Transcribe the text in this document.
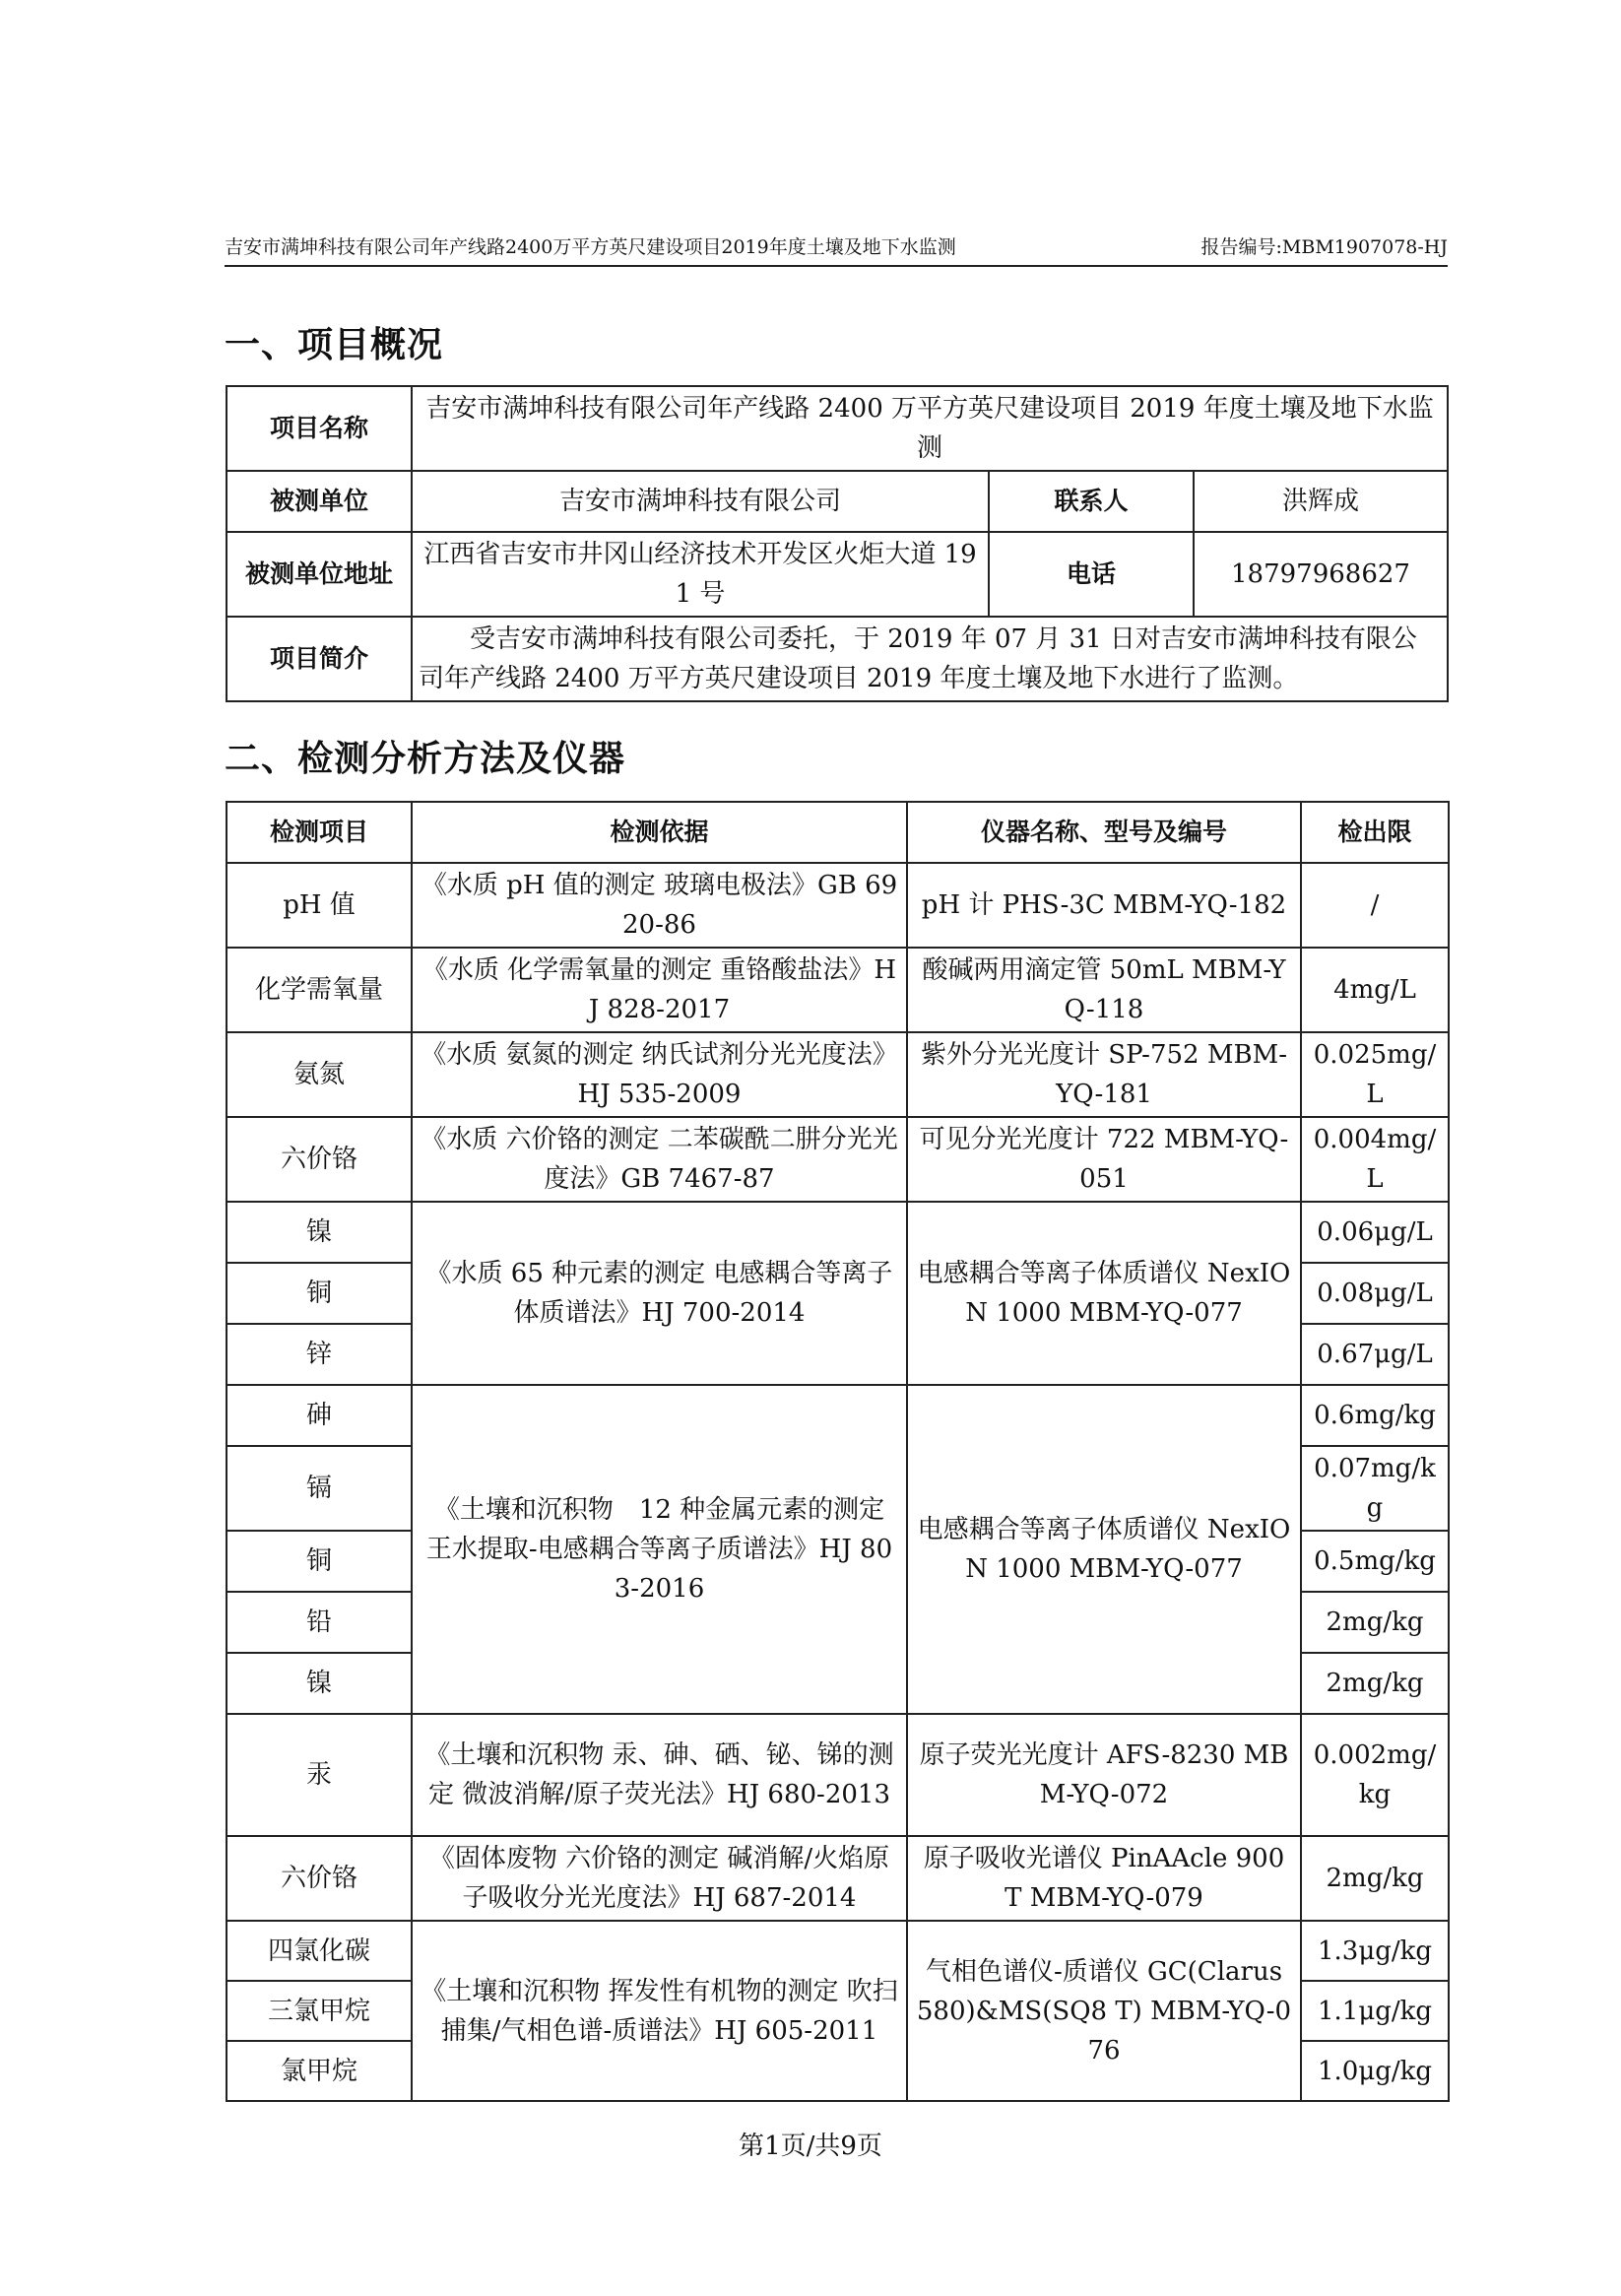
吉安市满坤科技有限公司年产线路2400万平方英尺建设项目2019年度土壤及地下水监测	报告编号:MBM1907078-HJ
一、项目概况
项目名称	吉安市满坤科技有限公司年产线路 2400 万平方英尺建设项目 2019 年度土壤及地下水监测		
被测单位	吉安市满坤科技有限公司	联系人	洪辉成
被测单位地址	江西省吉安市井冈山经济技术开发区火炬大道 191 号	电话	18797968627
项目简介	受吉安市满坤科技有限公司委托，于 2019 年 07 月 31 日对吉安市满坤科技有限公司年产线路 2400 万平方英尺建设项目 2019 年度土壤及地下水进行了监测。		
二、检测分析方法及仪器
检测项目	检测依据	仪器名称、型号及编号	检出限
pH 值	《水质 pH 值的测定 玻璃电极法》GB 6920-86	pH 计 PHS-3C MBM-YQ-182	/
化学需氧量	《水质 化学需氧量的测定 重铬酸盐法》HJ 828-2017	酸碱两用滴定管 50mL MBM-YQ-118	4mg/L
氨氮	《水质 氨氮的测定 纳氏试剂分光光度法》HJ 535-2009	紫外分光光度计 SP-752 MBM-YQ-181	0.025mg/L
六价铬	《水质 六价铬的测定 二苯碳酰二肼分光光度法》GB 7467-87	可见分光光度计 722 MBM-YQ-051	0.004mg/L
镍	《水质 65 种元素的测定 电感耦合等离子体质谱法》HJ 700-2014	电感耦合等离子体质谱仪 NexION 1000 MBM-YQ-077	0.06μg/L
铜			0.08μg/L
锌			0.67μg/L
砷	《土壤和沉积物　12 种金属元素的测定 王水提取-电感耦合等离子质谱法》HJ 803-2016	电感耦合等离子体质谱仪 NexION 1000 MBM-YQ-077	0.6mg/kg
镉			0.07mg/kg
铜			0.5mg/kg
铅			2mg/kg
镍			2mg/kg
汞	《土壤和沉积物 汞、砷、硒、铋、锑的测定 微波消解/原子荧光法》HJ 680-2013	原子荧光光度计 AFS-8230 MBM-YQ-072	0.002mg/kg
六价铬	《固体废物 六价铬的测定 碱消解/火焰原子吸收分光光度法》HJ 687-2014	原子吸收光谱仪 PinAAcle 900 T MBM-YQ-079	2mg/kg
四氯化碳	《土壤和沉积物 挥发性有机物的测定 吹扫捕集/气相色谱-质谱法》HJ 605-2011	气相色谱仪-质谱仪 GC(Clarus 580)&MS(SQ8 T) MBM-YQ-076	1.3μg/kg
三氯甲烷			1.1μg/kg
氯甲烷			1.0μg/kg
第1页/共9页
